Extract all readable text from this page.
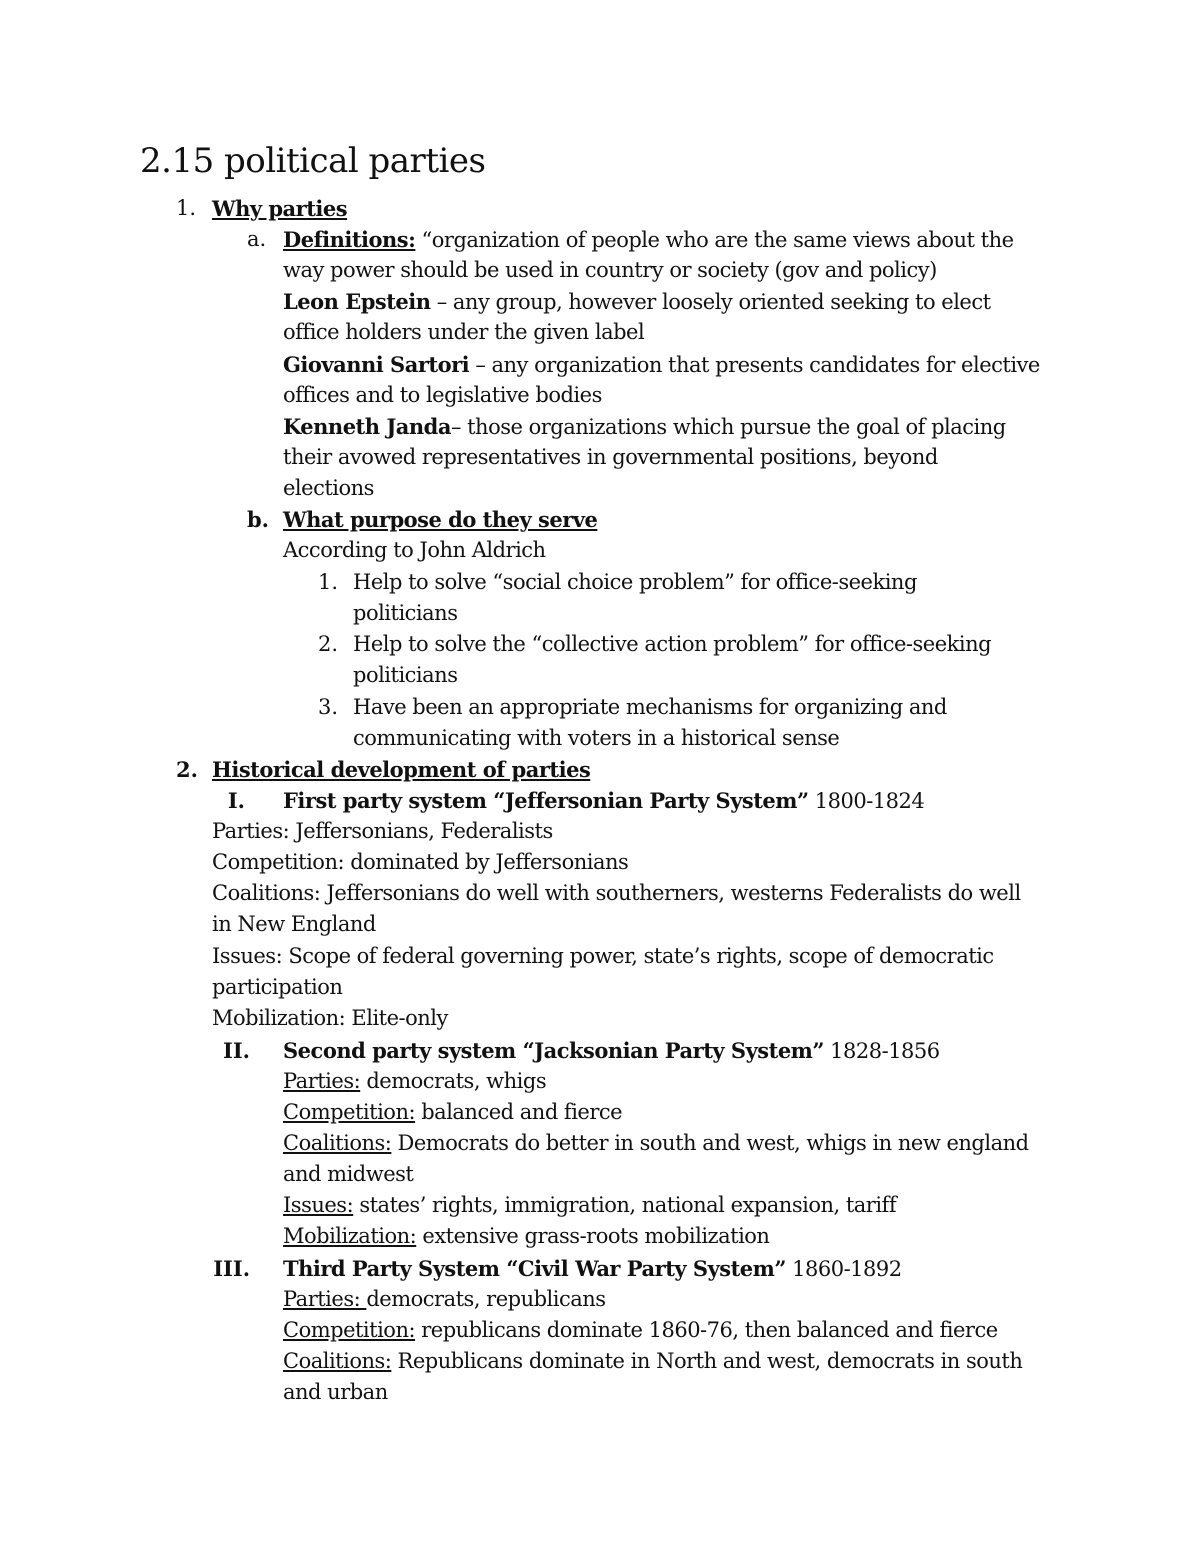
2.15 political parties
1. Why parties
a. Definitions: “organization of people who are the same views about the
way power should be used in country or society (gov and policy)
Leon Epstein – any group, however loosely oriented seeking to elect
office holders under the given label
Giovanni Sartori – any organization that presents candidates for elective
offices and to legislative bodies
Kenneth Janda– those organizations which pursue the goal of placing
their avowed representatives in governmental positions, beyond
elections
b. What purpose do they serve
According to John Aldrich
1. Help to solve “social choice problem” for office-seeking
politicians
2. Help to solve the “collective action problem” for office-seeking
politicians
3. Have been an appropriate mechanisms for organizing and
communicating with voters in a historical sense
2. Historical development of parties
I. First party system “Jeffersonian Party System” 1800-1824
Parties: Jeffersonians, Federalists
Competition: dominated by Jeffersonians
Coalitions: Jeffersonians do well with southerners, westerns Federalists do well
in New England
Issues: Scope of federal governing power, state’s rights, scope of democratic
participation
Mobilization: Elite-only
II. Second party system “Jacksonian Party System” 1828-1856
Parties: democrats, whigs
Competition: balanced and fierce
Coalitions: Democrats do better in south and west, whigs in new england
and midwest
Issues: states’ rights, immigration, national expansion, tariff
Mobilization: extensive grass-roots mobilization
III. Third Party System “Civil War Party System” 1860-1892
Parties: democrats, republicans
Competition: republicans dominate 1860-76, then balanced and fierce
Coalitions: Republicans dominate in North and west, democrats in south
and urban
